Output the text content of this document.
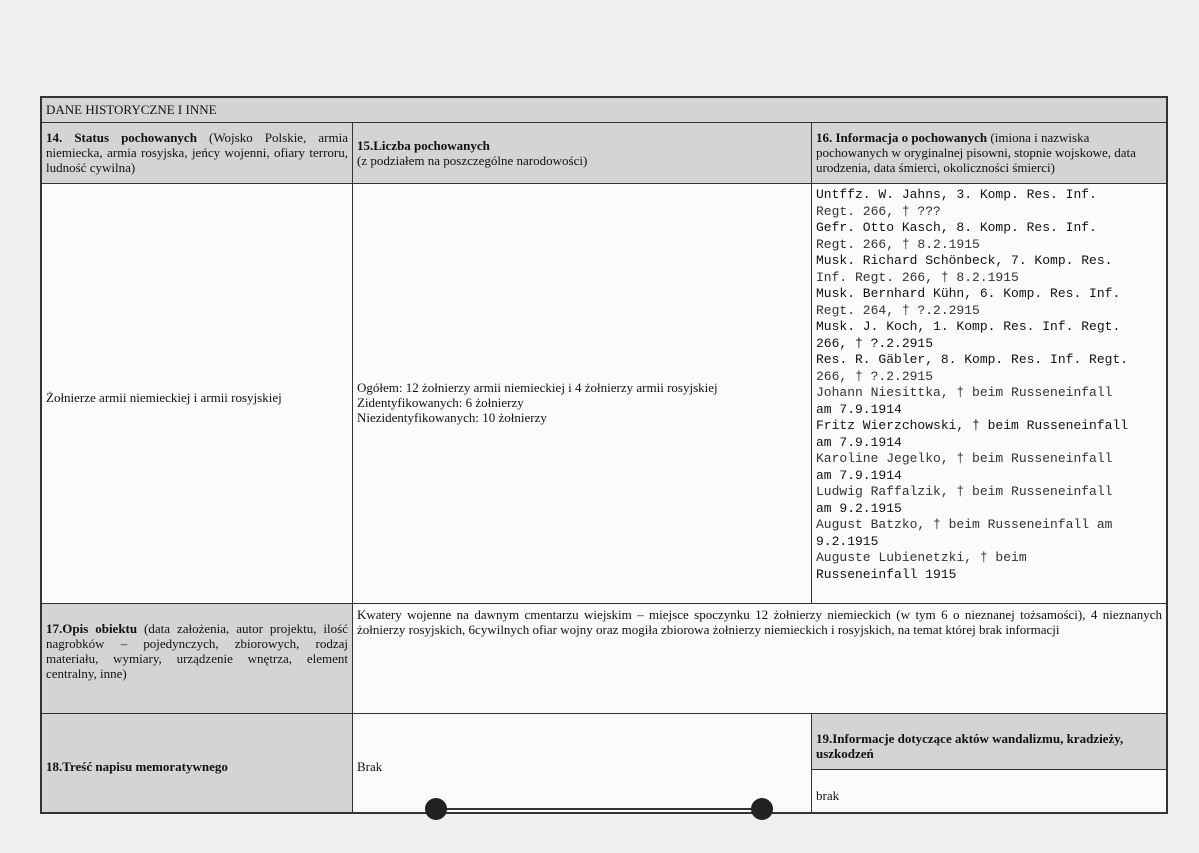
DANE HISTORYCZNE I INNE
14. Status pochowanych (Wojsko Polskie, armia niemiecka, armia rosyjska, jeńcy wojenni, ofiary terroru, ludność cywilna)
15.Liczba pochowanych
(z podziałem na poszczególne narodowości)
16. Informacja o pochowanych (imiona i nazwiska pochowanych w oryginalnej pisowni, stopnie wojskowe, data urodzenia, data śmierci, okoliczności śmierci)
Żołnierze armii niemieckiej i armii rosyjskiej
Ogółem: 12 żołnierzy armii niemieckiej i 4 żołnierzy armii rosyjskiej
Zidentyfikowanych: 6 żołnierzy
Niezidentyfikowanych: 10 żołnierzy
Untffz. W. Jahns, 3. Komp. Res. Inf.
Regt. 266, † ???
Gefr. Otto Kasch, 8. Komp. Res. Inf.
Regt. 266, † 8.2.1915
Musk. Richard Schönbeck, 7. Komp. Res.
Inf. Regt. 266, † 8.2.1915
Musk. Bernhard Kühn, 6. Komp. Res. Inf.
Regt. 264, † ?.2.2915
Musk. J. Koch, 1. Komp. Res. Inf. Regt.
266, † ?.2.2915
Res. R. Gäbler, 8. Komp. Res. Inf. Regt.
266, † ?.2.2915
Johann Niesittka, † beim Russeneinfall
am 7.9.1914
Fritz Wierzchowski, † beim Russeneinfall
am 7.9.1914
Karoline Jegelko, † beim Russeneinfall
am 7.9.1914
Ludwig Raffalzik, † beim Russeneinfall
am 9.2.1915
August Batzko, † beim Russeneinfall am
9.2.1915
Auguste Lubienetzki, † beim
Russeneinfall 1915
17.Opis obiektu (data założenia, autor projektu, ilość nagrobków – pojedynczych, zbiorowych, rodzaj materiału, wymiary, urządzenie wnętrza, element centralny, inne)
Kwatery wojenne na dawnym cmentarzu wiejskim – miejsce spoczynku 12 żołnierzy niemieckich (w tym 6 o nieznanej tożsamości), 4 nieznanych żołnierzy rosyjskich, 6cywilnych ofiar wojny oraz mogiła zbiorowa żołnierzy niemieckich i rosyjskich, na temat której brak informacji
18.Treść napisu memoratywnego	Brak
19.Informacje dotyczące aktów wandalizmu, kradzieży, uszkodzeń
brak
